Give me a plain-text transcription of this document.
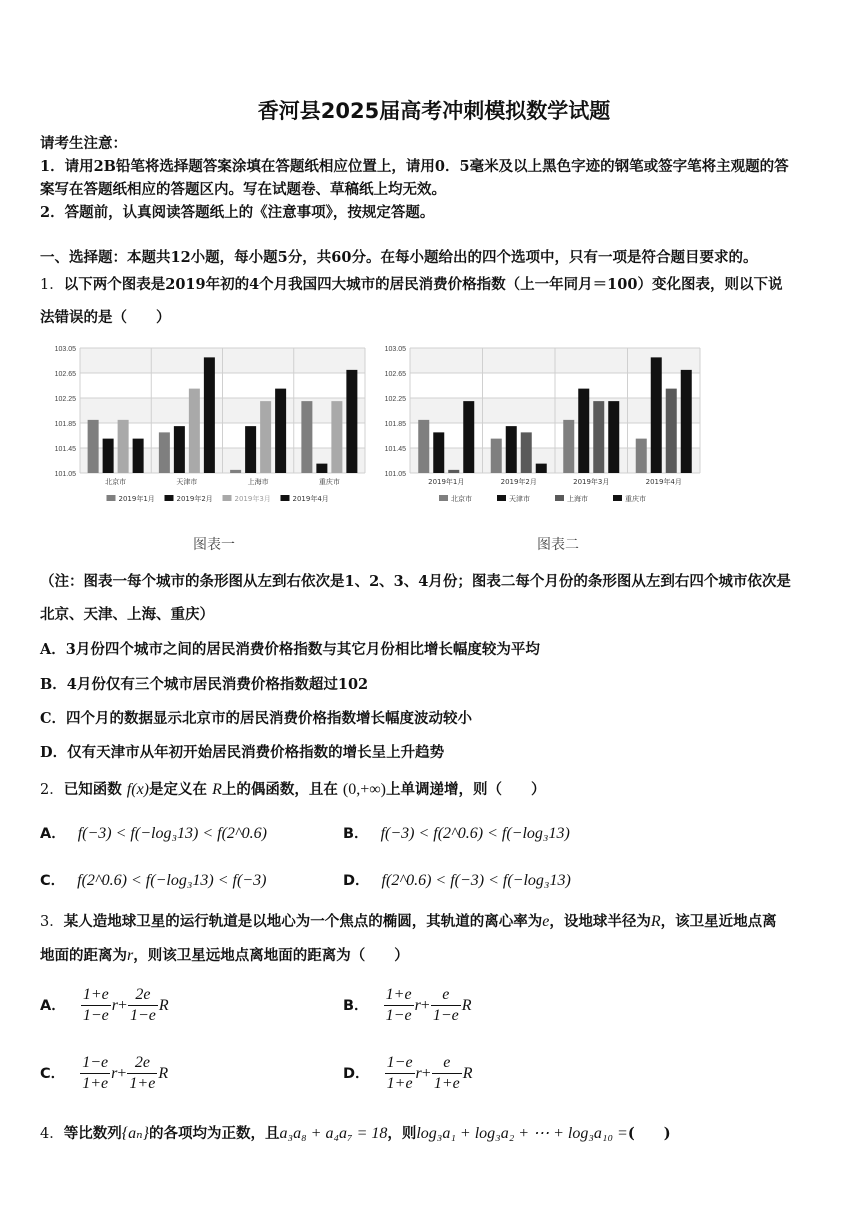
香河县2025届高考冲刺模拟数学试题
请考生注意：
1．请用2B铅笔将选择题答案涂填在答题纸相应位置上，请用0．5毫米及以上黑色字迹的钢笔或签字笔将主观题的答
案写在答题纸相应的答题区内。写在试题卷、草稿纸上均无效。
2．答题前，认真阅读答题纸上的《注意事项》，按规定答题。
一、选择题：本题共12小题，每小题5分，共60分。在每小题给出的四个选项中，只有一项是符合题目要求的。
1．以下两个图表是2019年初的4个月我国四大城市的居民消费价格指数（上一年同月＝100）变化图表，则以下说
法错误的是（　　）
103.05
102.65
102.25
101.85
101.45
101.05
北京市	天津市	上海市	重庆市
2019年1月	2019年2月	2019年3月	2019年4月
103.05
102.65
102.25
101.85
101.45
101.05
2019年1月	2019年2月	2019年3月	2019年4月
北京市	天津市	上海市	重庆市
图表一	图表二
（注：图表一每个城市的条形图从左到右依次是1、2、3、4月份；图表二每个月份的条形图从左到右四个城市依次是
北京、天津、上海、重庆）
A．3月份四个城市之间的居民消费价格指数与其它月份相比增长幅度较为平均
B．4月份仅有三个城市居民消费价格指数超过102
C．四个月的数据显示北京市的居民消费价格指数增长幅度波动较小
D．仅有天津市从年初开始居民消费价格指数的增长呈上升趋势
2．已知函数 f(x)是定义在 R上的偶函数，且在 (0,+∞)上单调递增，则（　　）
A． f(−3) < f(−log₃13) < f(2^0.6)	B． f(−3) < f(2^0.6) < f(−log₃13)
C． f(2^0.6) < f(−log₃13) < f(−3)	D． f(2^0.6) < f(−3) < f(−log₃13)
3．某人造地球卫星的运行轨道是以地心为一个焦点的椭圆，其轨道的离心率为e，设地球半径为R，该卫星近地点离
地面的距离为r，则该卫星远地点离地面的距离为（　　）
A． $\frac{1+e}{1-e} r+ \frac{2e}{1-e}$ R	B． $\frac{1+e}{1-e} r+ \frac{e}{1-e}$ R
C． $\frac{1-e}{1+e} r+ \frac{2e}{1+e}$ R	D． $\frac{1-e}{1+e} r+ \frac{e}{1+e}$ R
4．等比数列{aₙ}的各项均为正数，且a₃a₈ + a₄a₇ = 18，则log₃a₁ + log₃a₂ + ⋯ + log₃a₁₀ =(　　)
